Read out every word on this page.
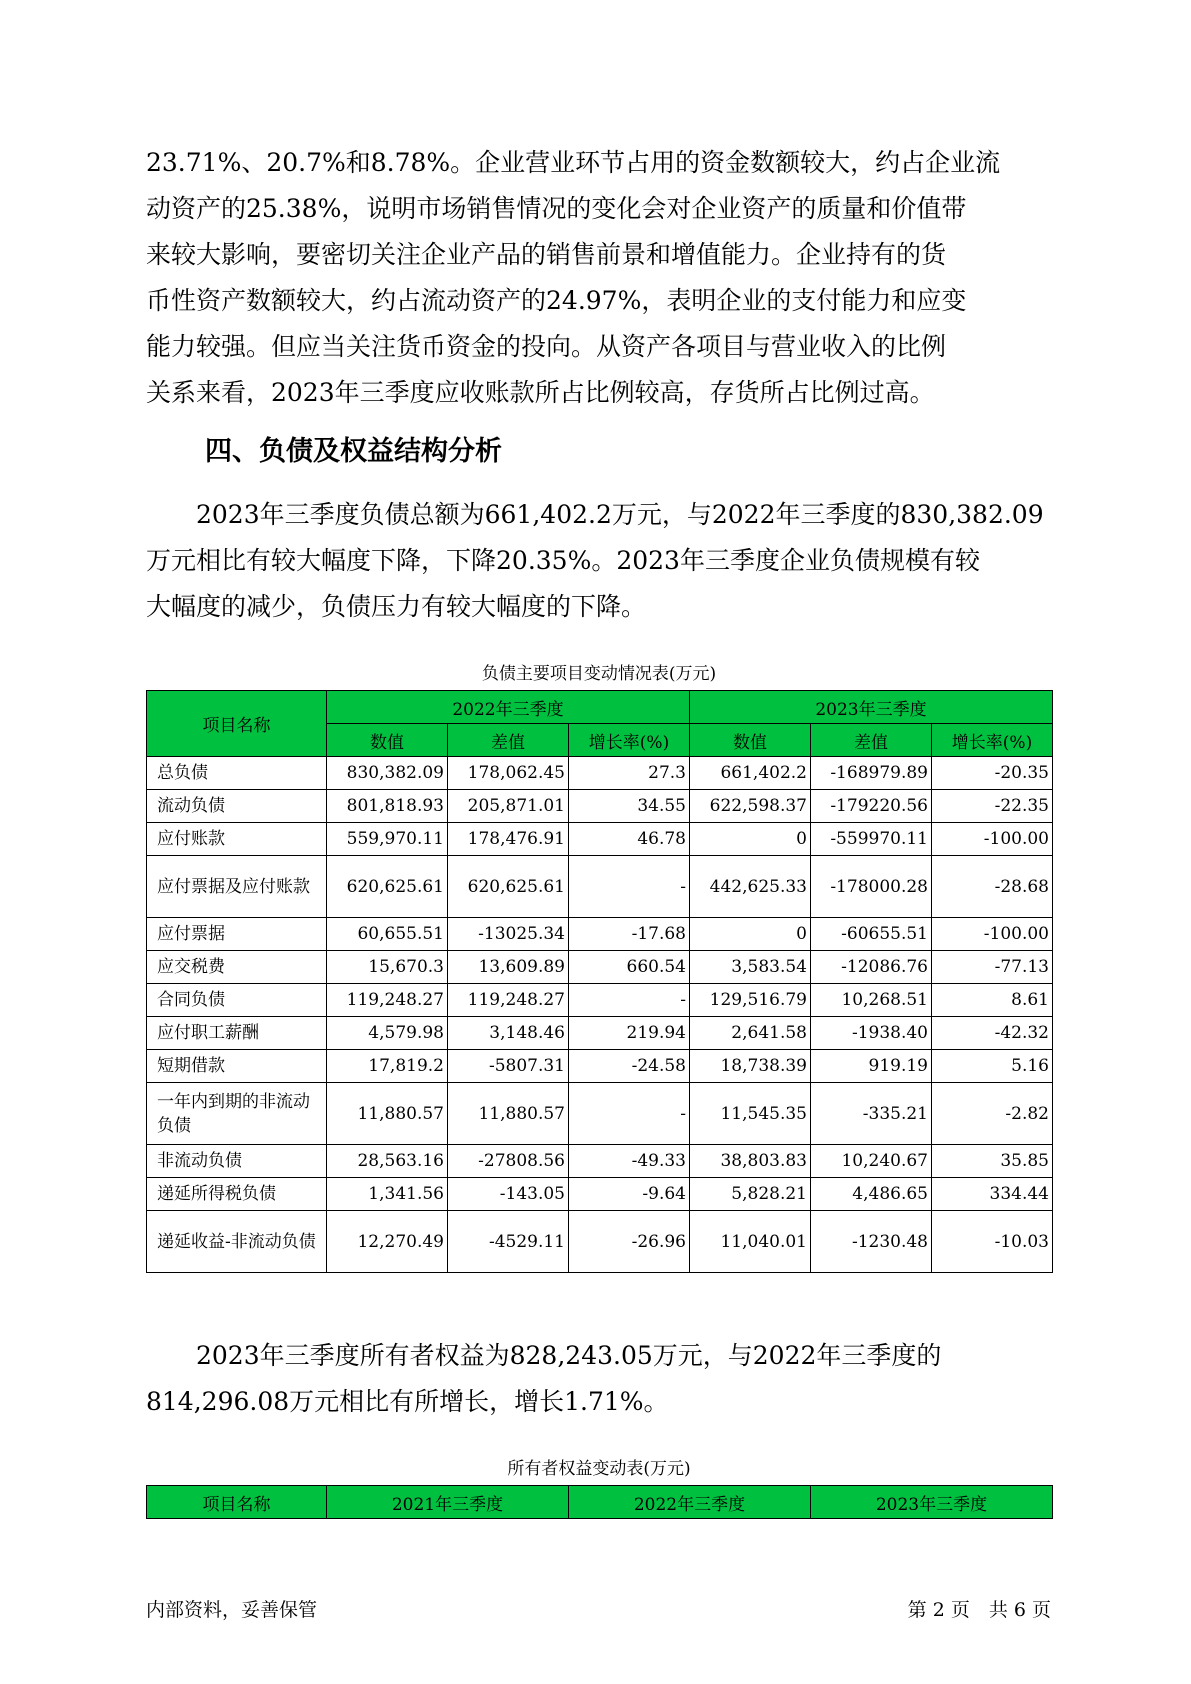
23.71%、20.7%和8.78%。企业营业环节占用的资金数额较大，约占企业流
动资产的25.38%，说明市场销售情况的变化会对企业资产的质量和价值带
来较大影响，要密切关注企业产品的销售前景和增值能力。企业持有的货
币性资产数额较大，约占流动资产的24.97%，表明企业的支付能力和应变
能力较强。但应当关注货币资金的投向。从资产各项目与营业收入的比例
关系来看，2023年三季度应收账款所占比例较高，存货所占比例过高。
四、负债及权益结构分析
　　2023年三季度负债总额为661,402.2万元，与2022年三季度的830,382.09
万元相比有较大幅度下降，下降20.35%。2023年三季度企业负债规模有较
大幅度的减少，负债压力有较大幅度的下降。

负债主要项目变动情况表(万元)

项目名称	2022年三季度			2023年三季度		
	数值	差值	增长率(%)	数值	差值	增长率(%)
总负债	830,382.09	178,062.45	27.3	661,402.2	-168979.89	-20.35
流动负债	801,818.93	205,871.01	34.55	622,598.37	-179220.56	-22.35
应付账款	559,970.11	178,476.91	46.78	0	-559970.11	-100.00
应付票据及应付账款	620,625.61	620,625.61	-	442,625.33	-178000.28	-28.68
应付票据	60,655.51	-13025.34	-17.68	0	-60655.51	-100.00
应交税费	15,670.3	13,609.89	660.54	3,583.54	-12086.76	-77.13
合同负债	119,248.27	119,248.27	-	129,516.79	10,268.51	8.61
应付职工薪酬	4,579.98	3,148.46	219.94	2,641.58	-1938.40	-42.32
短期借款	17,819.2	-5807.31	-24.58	18,738.39	919.19	5.16
一年内到期的非流动负债	11,880.57	11,880.57	-	11,545.35	-335.21	-2.82
非流动负债	28,563.16	-27808.56	-49.33	38,803.83	10,240.67	35.85
递延所得税负债	1,341.56	-143.05	-9.64	5,828.21	4,486.65	334.44
递延收益-非流动负债	12,270.49	-4529.11	-26.96	11,040.01	-1230.48	-10.03
　　2023年三季度所有者权益为828,243.05万元，与2022年三季度的
814,296.08万元相比有所增长，增长1.71%。

所有者权益变动表(万元)

项目名称	2021年三季度	2022年三季度	2023年三季度

内部资料，妥善保管	第 2 页　共 6 页
